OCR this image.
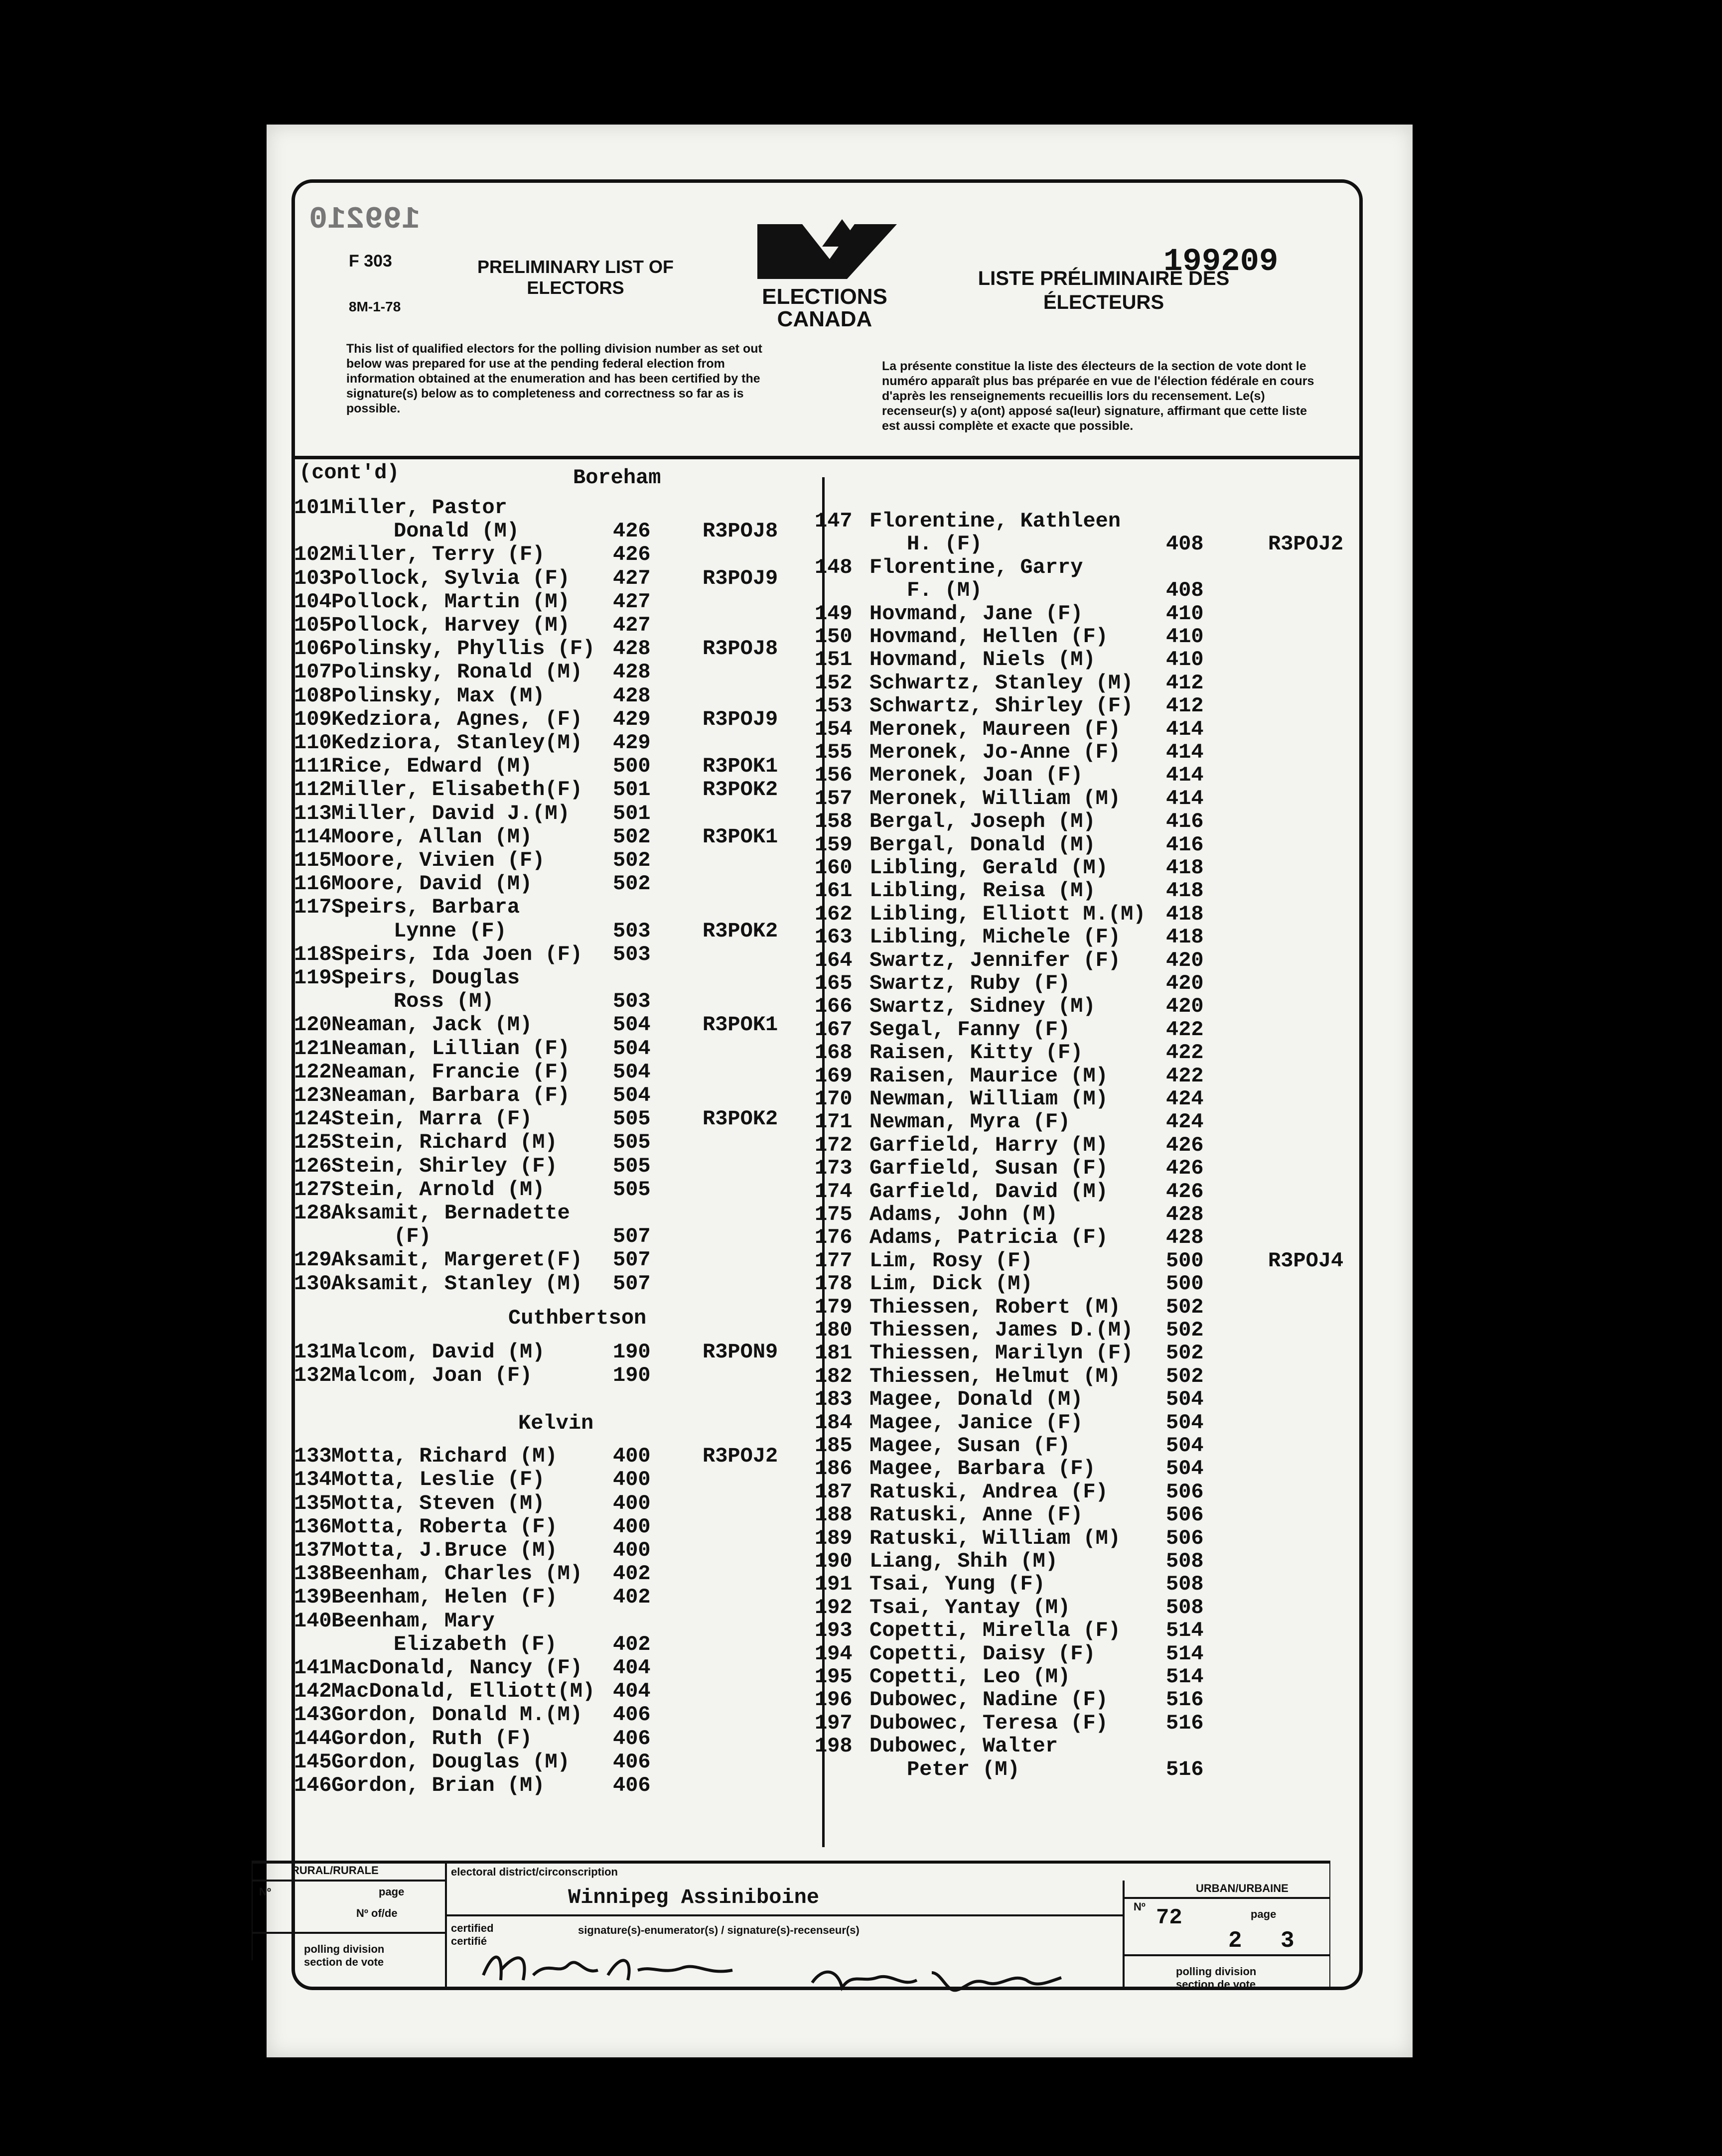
199210
199209
F 303
8M-1-78
PRELIMINARY LIST OF ELECTORS	LISTE PRÉLIMINAIRE DES ÉLECTEURS
ELECTIONS
CANADA
This list of qualified electors for the polling division number as set out below was prepared for use at the pending federal election from information obtained at the enumeration and has been certified by the signature(s) below as to completeness and correctness so far as is possible.
La présente constitue la liste des électeurs de la section de vote dont le numéro apparaît plus bas préparée en vue de l'élection fédérale en cours d'après les renseignements recueillis lors du recensement. Le(s) recenseur(s) y a(ont) apposé sa(leur) signature, affirmant que cette liste est aussi complète et exacte que possible.
(cont'd)	Boreham
Cuthbertson
Kelvin
101 Miller, Pastor
Donald (M)	426 R3POJ8
102 Miller, Terry (F)	426
103 Pollock, Sylvia (F) 427 R3POJ9
104 Pollock, Martin (M) 427
105 Pollock, Harvey (M) 427
106 Polinsky, Phyllis (F) 428 R3POJ8
107 Polinsky, Ronald (M) 428
108 Polinsky, Max (M)	428
109 Kedziora, Agnes, (F) 429 R3POJ9
110 Kedziora, Stanley(M) 429
111 Rice, Edward (M)	500 R3POK1
112 Miller, Elisabeth(F) 501 R3POK2
113 Miller, David J.(M) 501
114 Moore, Allan (M)	502 R3POK1
115 Moore, Vivien (F)	502
116 Moore, David (M)	502
117 Speirs, Barbara
Lynne (F)	503 R3POK2
118 Speirs, Ida Joen (F) 503
119 Speirs, Douglas
Ross (M)	503
120 Neaman, Jack (M)	504 R3POK1
121 Neaman, Lillian (F) 504
122 Neaman, Francie (F) 504
123 Neaman, Barbara (F) 504
124 Stein, Marra (F)	505 R3POK2
125 Stein, Richard (M)	505
126 Stein, Shirley (F)	505
127 Stein, Arnold (M)	505
128 Aksamit, Bernadette
(F)	507
129 Aksamit, Margeret(F) 507
130 Aksamit, Stanley (M) 507
131 Malcom, David (M)	190 R3PON9
132 Malcom, Joan (F)	190
133 Motta, Richard (M)	400 R3POJ2
134 Motta, Leslie (F)	400
135 Motta, Steven (M)	400
136 Motta, Roberta (F)	400
137 Motta, J.Bruce (M)	400
138 Beenham, Charles (M) 402
139 Beenham, Helen (F)	402
140 Beenham, Mary
Elizabeth (F)	402
141 MacDonald, Nancy (F) 404
142 MacDonald, Elliott(M) 404
143 Gordon, Donald M.(M) 406
144 Gordon, Ruth (F)	406
145 Gordon, Douglas (M) 406
146 Gordon, Brian (M)	406
147 Florentine, Kathleen
H. (F)	408	R3POJ2
148 Florentine, Garry
F. (M)	408
149 Hovmand, Jane (F)	410
150 Hovmand, Hellen (F)	410
151 Hovmand, Niels (M)	410
152 Schwartz, Stanley (M) 412
153 Schwartz, Shirley (F) 412
154 Meronek, Maureen (F) 414
155 Meronek, Jo-Anne (F) 414
156 Meronek, Joan (F)	414
157 Meronek, William (M) 414
158 Bergal, Joseph (M)	416
159 Bergal, Donald (M)	416
160 Libling, Gerald (M)	418
161 Libling, Reisa (M)	418
162 Libling, Elliott M.(M) 418
163 Libling, Michele (F) 418
164 Swartz, Jennifer (F) 420
165 Swartz, Ruby (F)	420
166 Swartz, Sidney (M)	420
167 Segal, Fanny (F)	422
168 Raisen, Kitty (F)	422
169 Raisen, Maurice (M)	422
170 Newman, William (M)	424
171 Newman, Myra (F)	424
172 Garfield, Harry (M)	426
173 Garfield, Susan (F)	426
174 Garfield, David (M)	426
175 Adams, John (M)	428
176 Adams, Patricia (F)	428
177 Lim, Rosy (F)	500	R3POJ4
178 Lim, Dick (M)	500
179 Thiessen, Robert (M) 502
180 Thiessen, James D.(M) 502
181 Thiessen, Marilyn (F) 502
182 Thiessen, Helmut (M) 502
183 Magee, Donald (M)	504
184 Magee, Janice (F)	504
185 Magee, Susan (F)	504
186 Magee, Barbara (F)	504
187 Ratuski, Andrea (F)	506
188 Ratuski, Anne (F)	506
189 Ratuski, William (M) 506
190 Liang, Shih (M)	508
191 Tsai, Yung (F)	508
192 Tsai, Yantay (M)	508
193 Copetti, Mirella (F) 514
194 Copetti, Daisy (F)	514
195 Copetti, Leo (M)	514
196 Dubowec, Nadine (F)	516
197 Dubowec, Teresa (F)	516
198 Dubowec, Walter
Peter (M)	516
RURAL/RURALE
Nº	page
Nº of/de
polling division section de vote
electoral district/circonscription
Winnipeg Assiniboine
certified certifié
signature(s)-enumerator(s) / signature(s)-recenseur(s)
URBAN/URBAINE
Nº
page
72
2 3
polling division section de vote
